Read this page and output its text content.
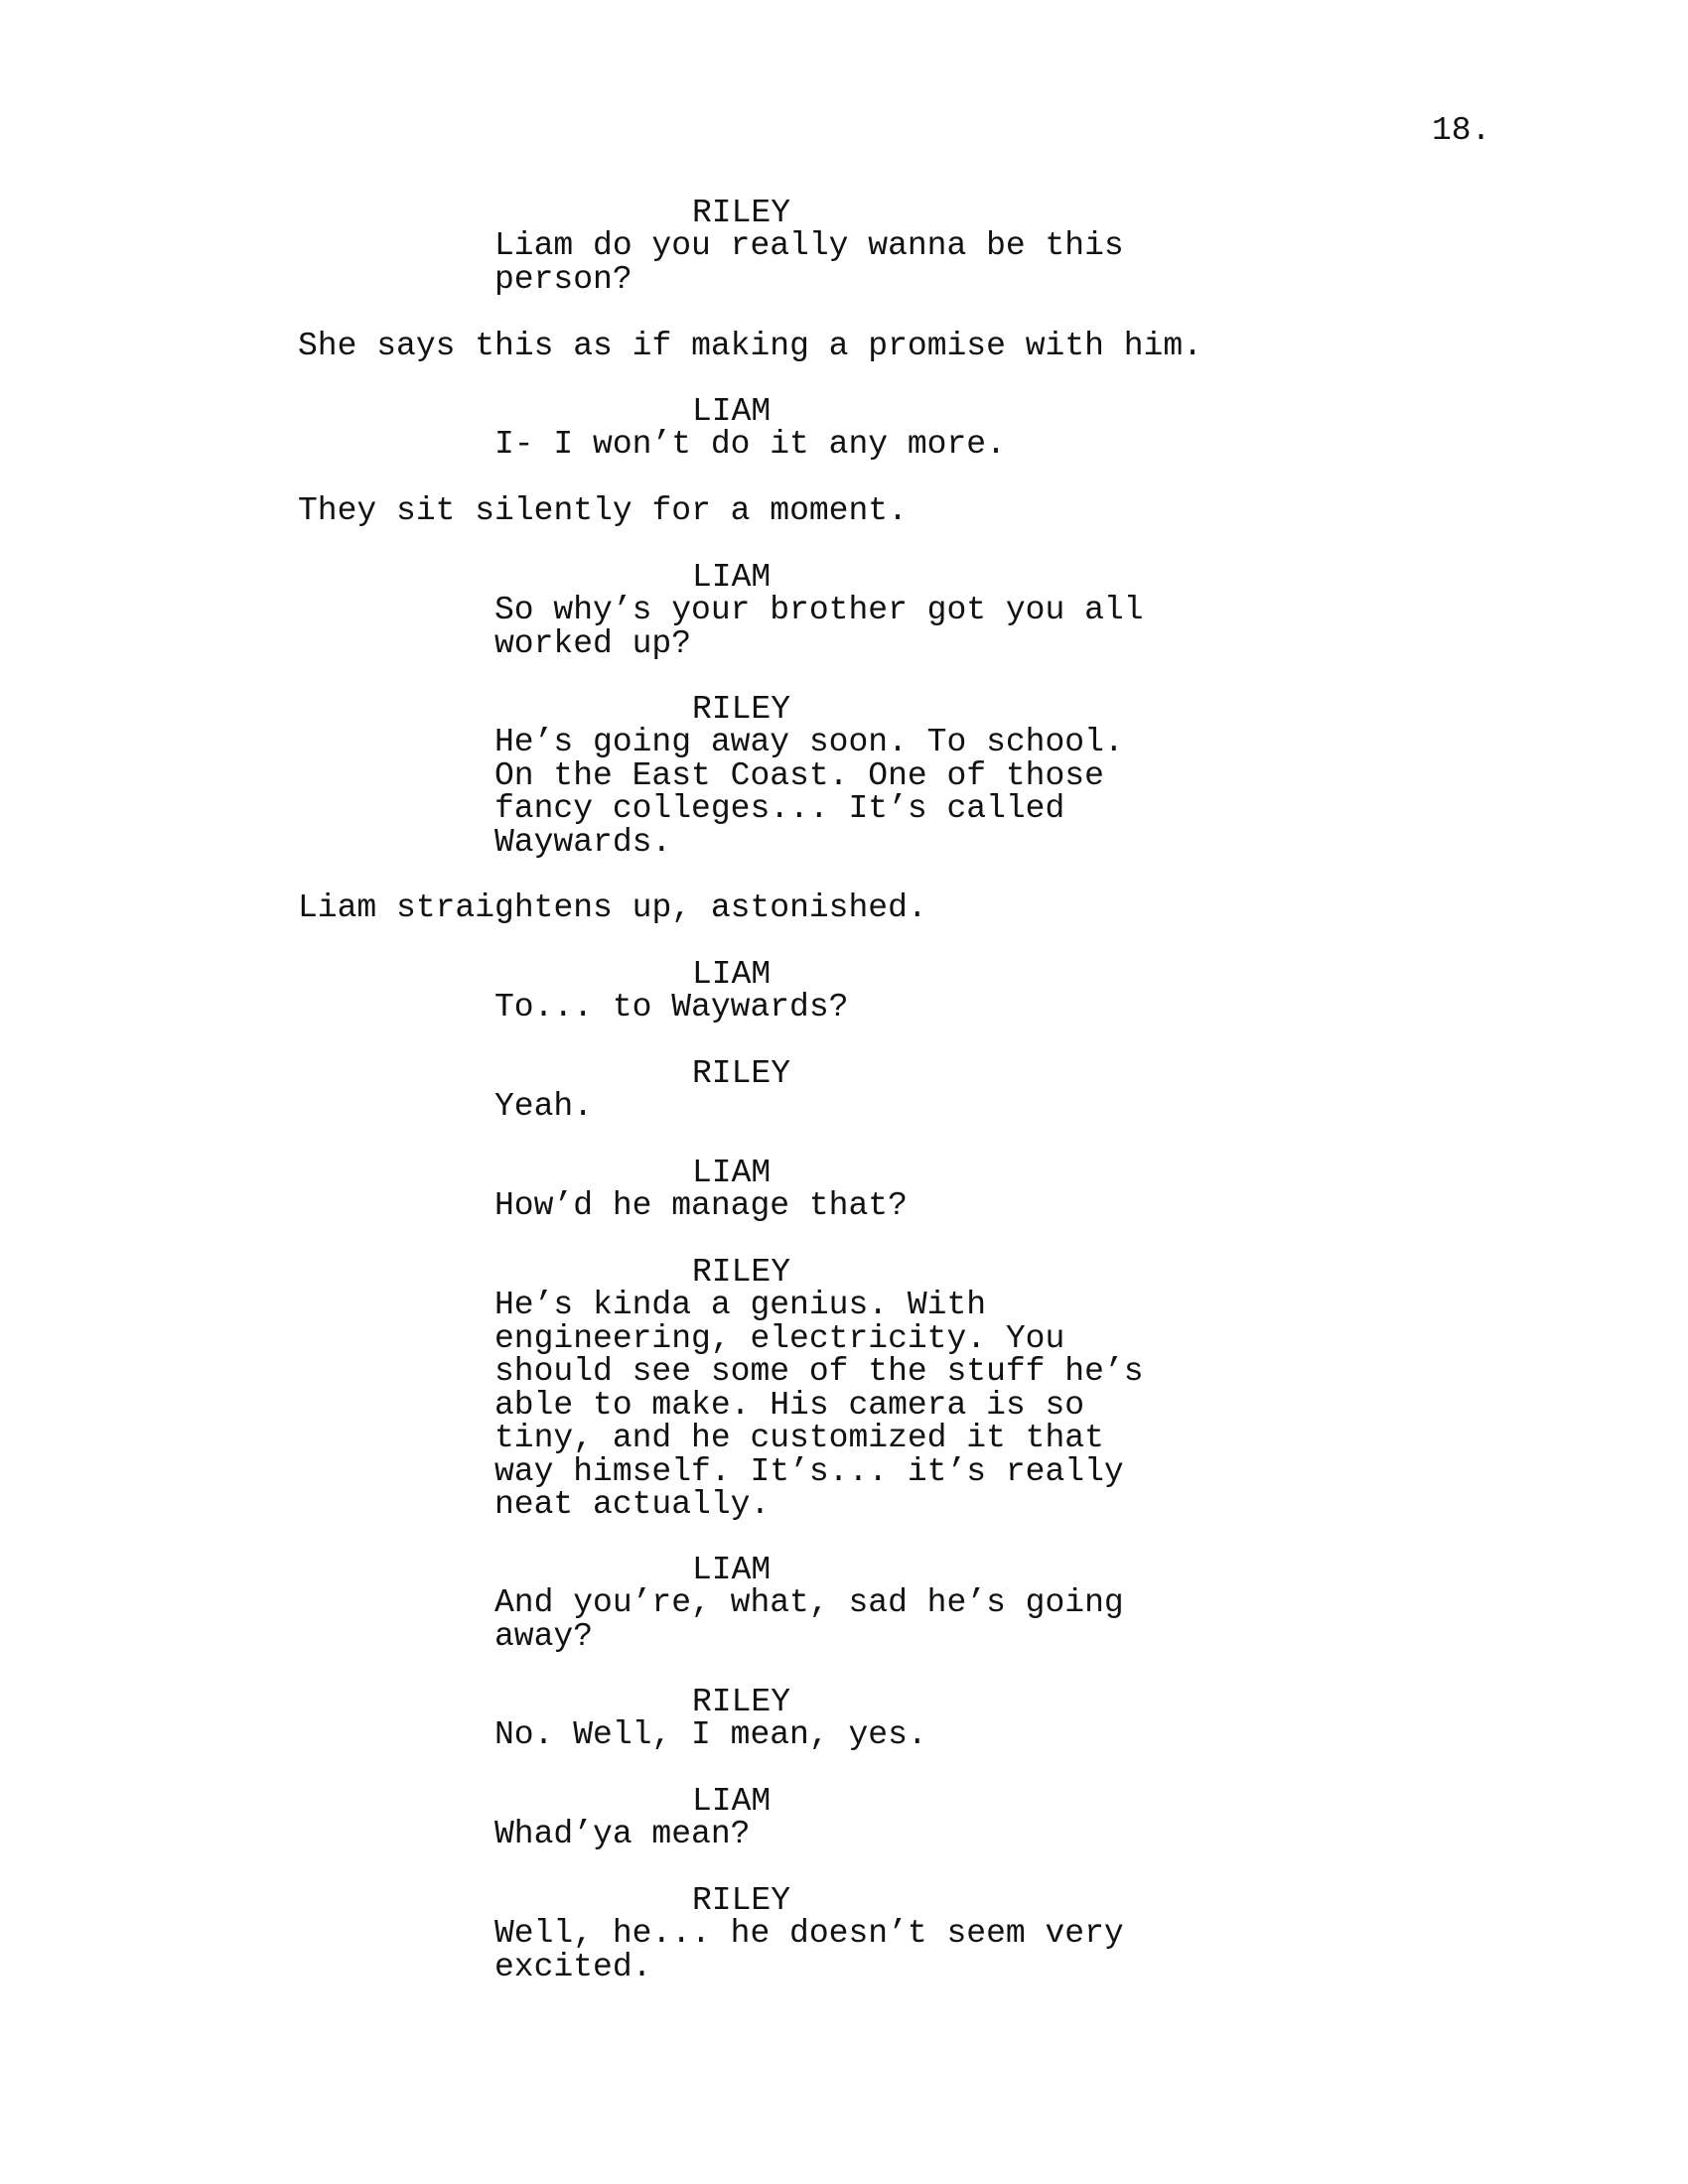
18.
RILEY
Liam do you really wanna be this
person?
She says this as if making a promise with him.
LIAM
I- I won’t do it any more.
They sit silently for a moment.
LIAM
So why’s your brother got you all
worked up?
RILEY
He’s going away soon. To school.
On the East Coast. One of those
fancy colleges... It’s called
Waywards.
Liam straightens up, astonished.
LIAM
To... to Waywards?
RILEY
Yeah.
LIAM
How’d he manage that?
RILEY
He’s kinda a genius. With
engineering, electricity. You
should see some of the stuff he’s
able to make. His camera is so
tiny, and he customized it that
way himself. It’s... it’s really
neat actually.
LIAM
And you’re, what, sad he’s going
away?
RILEY
No. Well, I mean, yes.
LIAM
Whad’ya mean?
RILEY
Well, he... he doesn’t seem very
excited.
